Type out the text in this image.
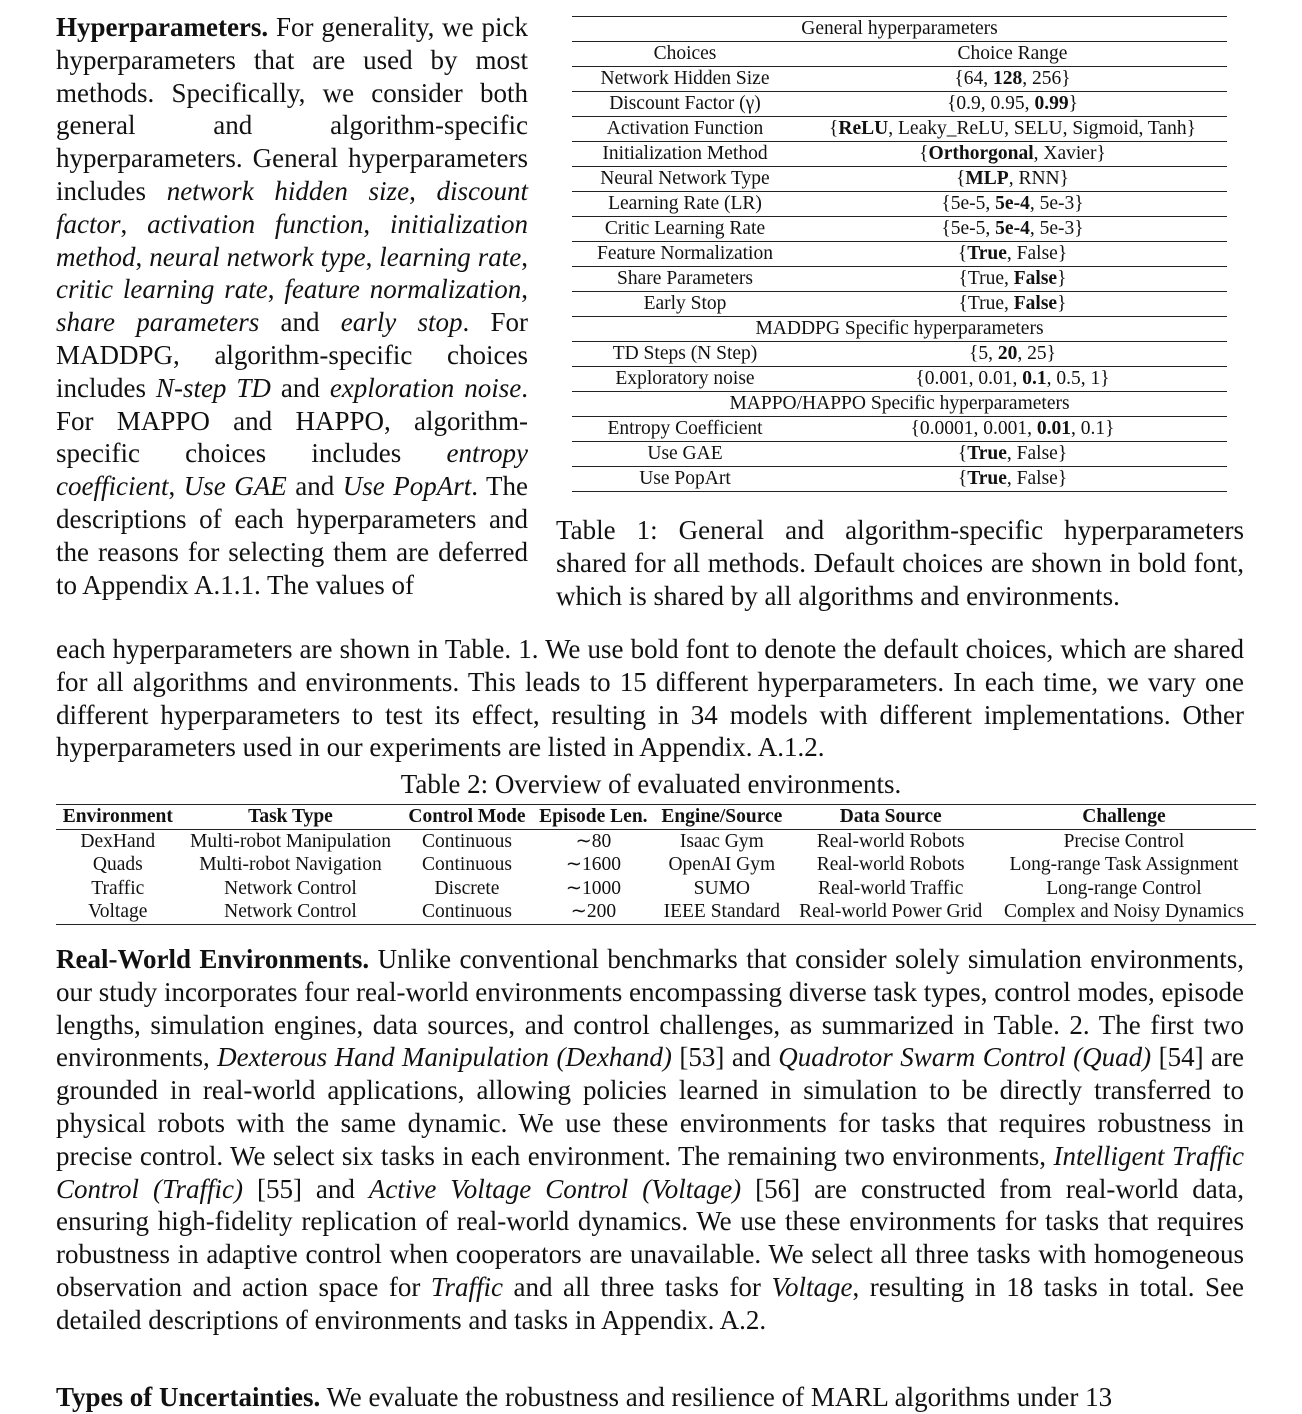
Hyperparameters. For generality, we pick hyperparameters that are used by most methods. Specifically, we consider both general and algorithm-specific hyperparameters. General hyperparameters includes network hidden size, discount factor, activation function, initialization method, neural network type, learning rate, critic learning rate, feature normalization, share parameters and early stop. For MADDPG, algorithm-specific choices includes N-step TD and exploration noise. For MAPPO and HAPPO, algorithm-specific choices includes entropy coefficient, Use GAE and Use PopArt. The descriptions of each hyperparameters and the reasons for selecting them are deferred to Appendix A.1.1. The values of

General hyperparameters	
Choices	Choice Range
Network Hidden Size	{64, 128, 256}
Discount Factor (γ)	{0.9, 0.95, 0.99}
Activation Function	{ReLU, Leaky_ReLU, SELU, Sigmoid, Tanh}
Initialization Method	{Orthorgonal, Xavier}
Neural Network Type	{MLP, RNN}
Learning Rate (LR)	{5e-5, 5e-4, 5e-3}
Critic Learning Rate	{5e-5, 5e-4, 5e-3}
Feature Normalization	{True, False}
Share Parameters	{True, False}
Early Stop	{True, False}
MADDPG Specific hyperparameters	
TD Steps (N Step)	{5, 20, 25}
Exploratory noise	{0.001, 0.01, 0.1, 0.5, 1}
MAPPO/HAPPO Specific hyperparameters	
Entropy Coefficient	{0.0001, 0.001, 0.01, 0.1}
Use GAE	{True, False}
Use PopArt	{True, False}
Table 1: General and algorithm-specific hyperparameters shared for all methods. Default choices are shown in bold font, which is shared by all algorithms and environments.

each hyperparameters are shown in Table. 1. We use bold font to denote the default choices, which are shared for all algorithms and environments. This leads to 15 different hyperparameters. In each time, we vary one different hyperparameters to test its effect, resulting in 34 models with different implementations. Other hyperparameters used in our experiments are listed in Appendix. A.1.2.

Table 2: Overview of evaluated environments.
Environment	Task Type	Control Mode	Episode Len.	Engine/Source	Data Source	Challenge
DexHand	Multi-robot Manipulation	Continuous	∼80	Isaac Gym	Real-world Robots	Precise Control
Quads	Multi-robot Navigation	Continuous	∼1600	OpenAI Gym	Real-world Robots	Long-range Task Assignment
Traffic	Network Control	Discrete	∼1000	SUMO	Real-world Traffic	Long-range Control
Voltage	Network Control	Continuous	∼200	IEEE Standard	Real-world Power Grid	Complex and Noisy Dynamics

Real-World Environments. Unlike conventional benchmarks that consider solely simulation environments, our study incorporates four real-world environments encompassing diverse task types, control modes, episode lengths, simulation engines, data sources, and control challenges, as summarized in Table. 2. The first two environments, Dexterous Hand Manipulation (Dexhand) [53] and Quadrotor Swarm Control (Quad) [54] are grounded in real-world applications, allowing policies learned in simulation to be directly transferred to physical robots with the same dynamic. We use these environments for tasks that requires robustness in precise control. We select six tasks in each environment. The remaining two environments, Intelligent Traffic Control (Traffic) [55] and Active Voltage Control (Voltage) [56] are constructed from real-world data, ensuring high-fidelity replication of real-world dynamics. We use these environments for tasks that requires robustness in adaptive control when cooperators are unavailable. We select all three tasks with homogeneous observation and action space for Traffic and all three tasks for Voltage, resulting in 18 tasks in total. See detailed descriptions of environments and tasks in Appendix. A.2.

Types of Uncertainties. We evaluate the robustness and resilience of MARL algorithms under 13
